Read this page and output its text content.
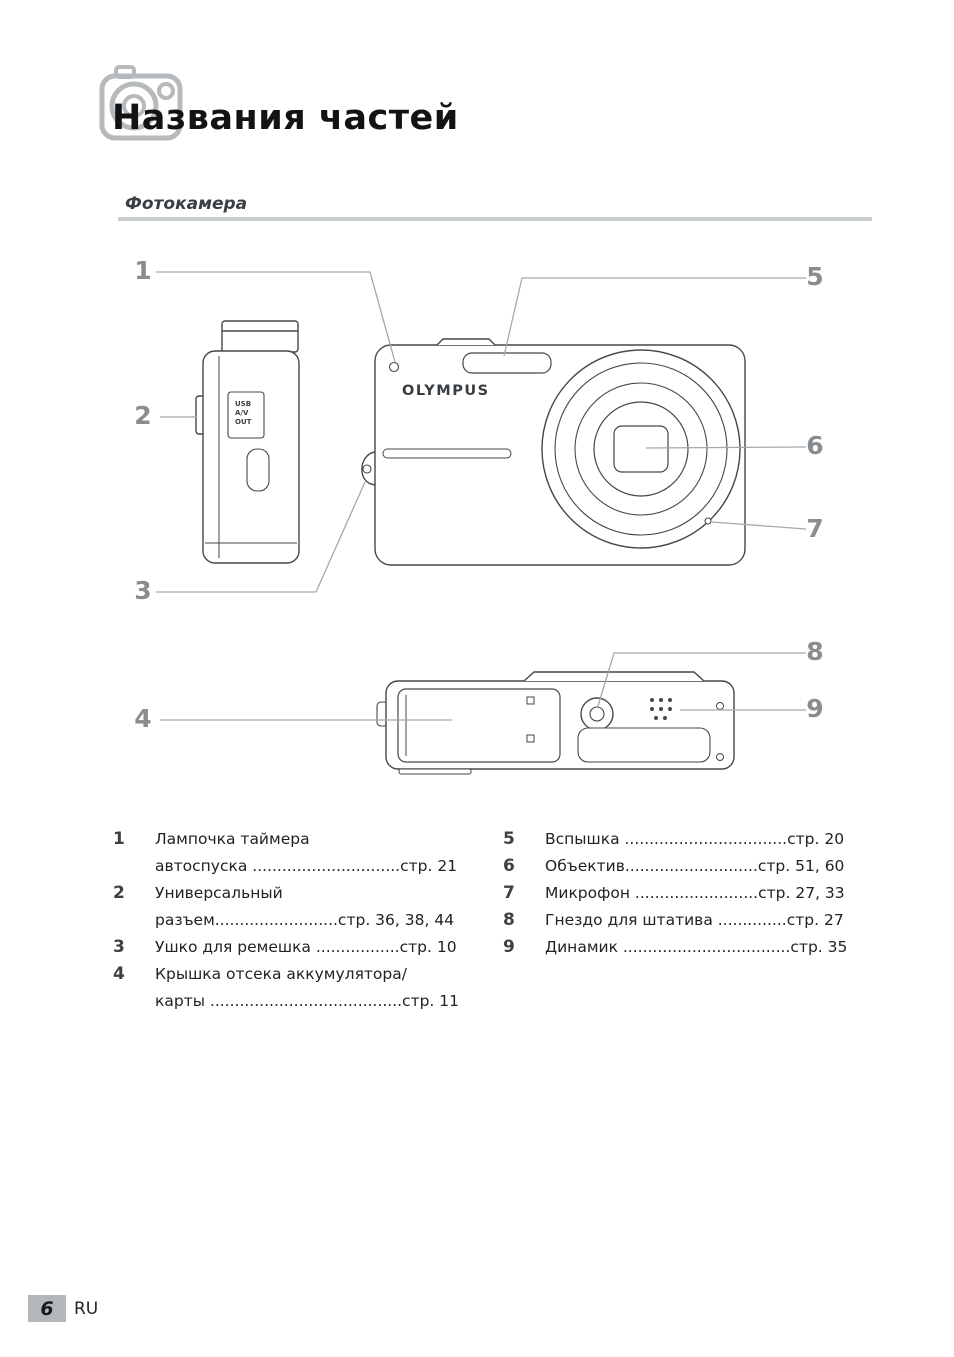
Названия частей
Фотокамера
1
2
3
4
5
6
7
8
9
OLYMPUS
USB
A/V
OUT
1	Лампочка таймера
автоспуска ..............................стр. 21
2	Универсальный
разъем.........................стр. 36, 38, 44
3	Ушко для ремешка .................стр. 10
4	Крышка отсека аккумулятора/
карты .......................................стр. 11
5	Вспышка .................................стр. 20
6	Объектив...........................стр. 51, 60
7	Микрофон .........................стр. 27, 33
8	Гнездо для штатива ..............стр. 27
9	Динамик ..................................стр. 35
6 RU
